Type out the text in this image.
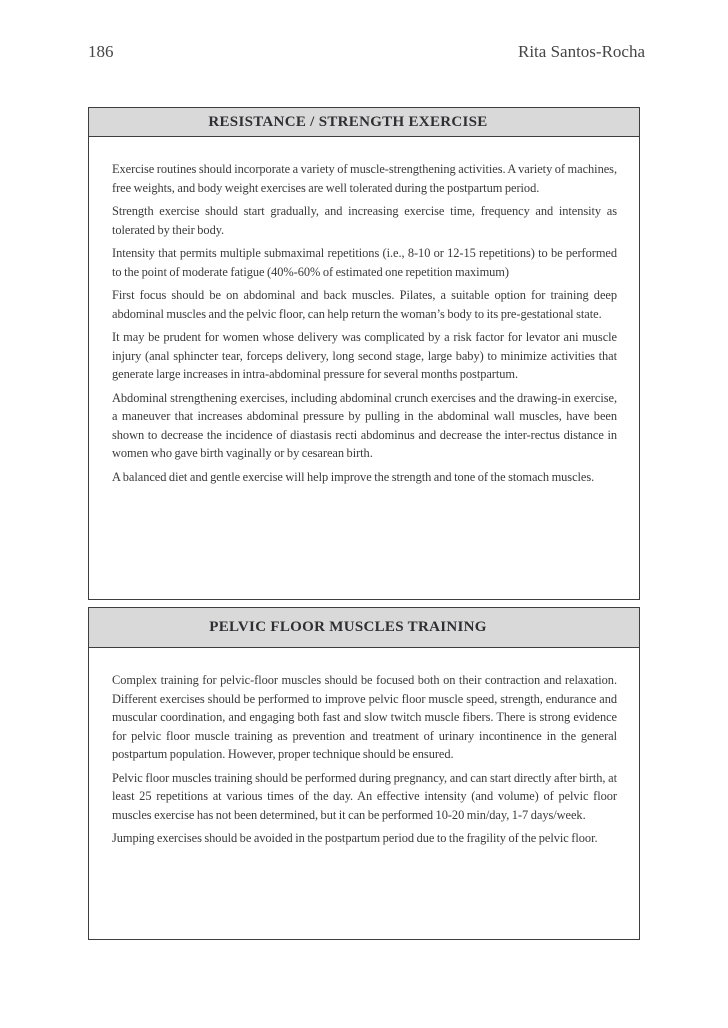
186	Rita Santos-Rocha
RESISTANCE / STRENGTH EXERCISE

Exercise routines should incorporate a variety of muscle-strengthening activities. A variety of machines, free weights, and body weight exercises are well tolerated during the postpartum period.

Strength exercise should start gradually, and increasing exercise time, frequency and intensity as tolerated by their body.

Intensity that permits multiple submaximal repetitions (i.e., 8-10 or 12-15 repetitions) to be performed to the point of moderate fatigue (40%-60% of estimated one repetition maximum)

First focus should be on abdominal and back muscles. Pilates, a suitable option for training deep abdominal muscles and the pelvic floor, can help return the woman’s body to its pre-gestational state.

It may be prudent for women whose delivery was complicated by a risk factor for levator ani muscle injury (anal sphincter tear, forceps delivery, long second stage, large baby) to minimize activities that generate large increases in intra-abdominal pressure for several months postpartum.

Abdominal strengthening exercises, including abdominal crunch exercises and the drawing-in exercise, a maneuver that increases abdominal pressure by pulling in the abdominal wall muscles, have been shown to decrease the incidence of diastasis recti abdominus and decrease the inter-rectus distance in women who gave birth vaginally or by cesarean birth.

A balanced diet and gentle exercise will help improve the strength and tone of the stomach muscles.

PELVIC FLOOR MUSCLES TRAINING

Complex training for pelvic-floor muscles should be focused both on their contraction and relaxation. Different exercises should be performed to improve pelvic floor muscle speed, strength, endurance and muscular coordination, and engaging both fast and slow twitch muscle fibers. There is strong evidence for pelvic floor muscle training as prevention and treatment of urinary incontinence in the general postpartum population. However, proper technique should be ensured.

Pelvic floor muscles training should be performed during pregnancy, and can start directly after birth, at least 25 repetitions at various times of the day. An effective intensity (and volume) of pelvic floor muscles exercise has not been determined, but it can be performed 10-20 min/day, 1-7 days/week.

Jumping exercises should be avoided in the postpartum period due to the fragility of the pelvic floor.
